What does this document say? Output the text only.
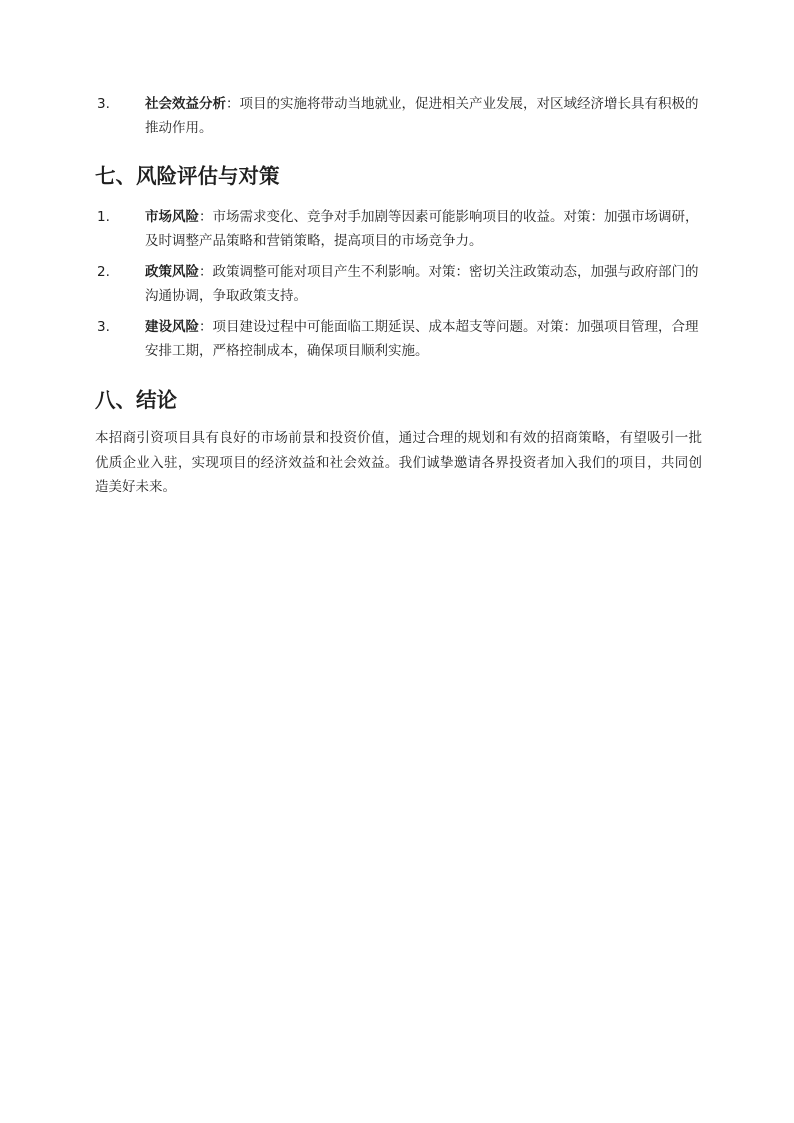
3.	社会效益分析：项目的实施将带动当地就业，促进相关产业发展，对区域经济增长具有积极的推动作用。
七、风险评估与对策
1.	市场风险：市场需求变化、竞争对手加剧等因素可能影响项目的收益。对策：加强市场调研，及时调整产品策略和营销策略，提高项目的市场竞争力。
2.	政策风险：政策调整可能对项目产生不利影响。对策：密切关注政策动态，加强与政府部门的沟通协调，争取政策支持。
3.	建设风险：项目建设过程中可能面临工期延误、成本超支等问题。对策：加强项目管理，合理安排工期，严格控制成本，确保项目顺利实施。
八、结论

本招商引资项目具有良好的市场前景和投资价值，通过合理的规划和有效的招商策略，有望吸引一批优质企业入驻，实现项目的经济效益和社会效益。我们诚挚邀请各界投资者加入我们的项目，共同创造美好未来。
